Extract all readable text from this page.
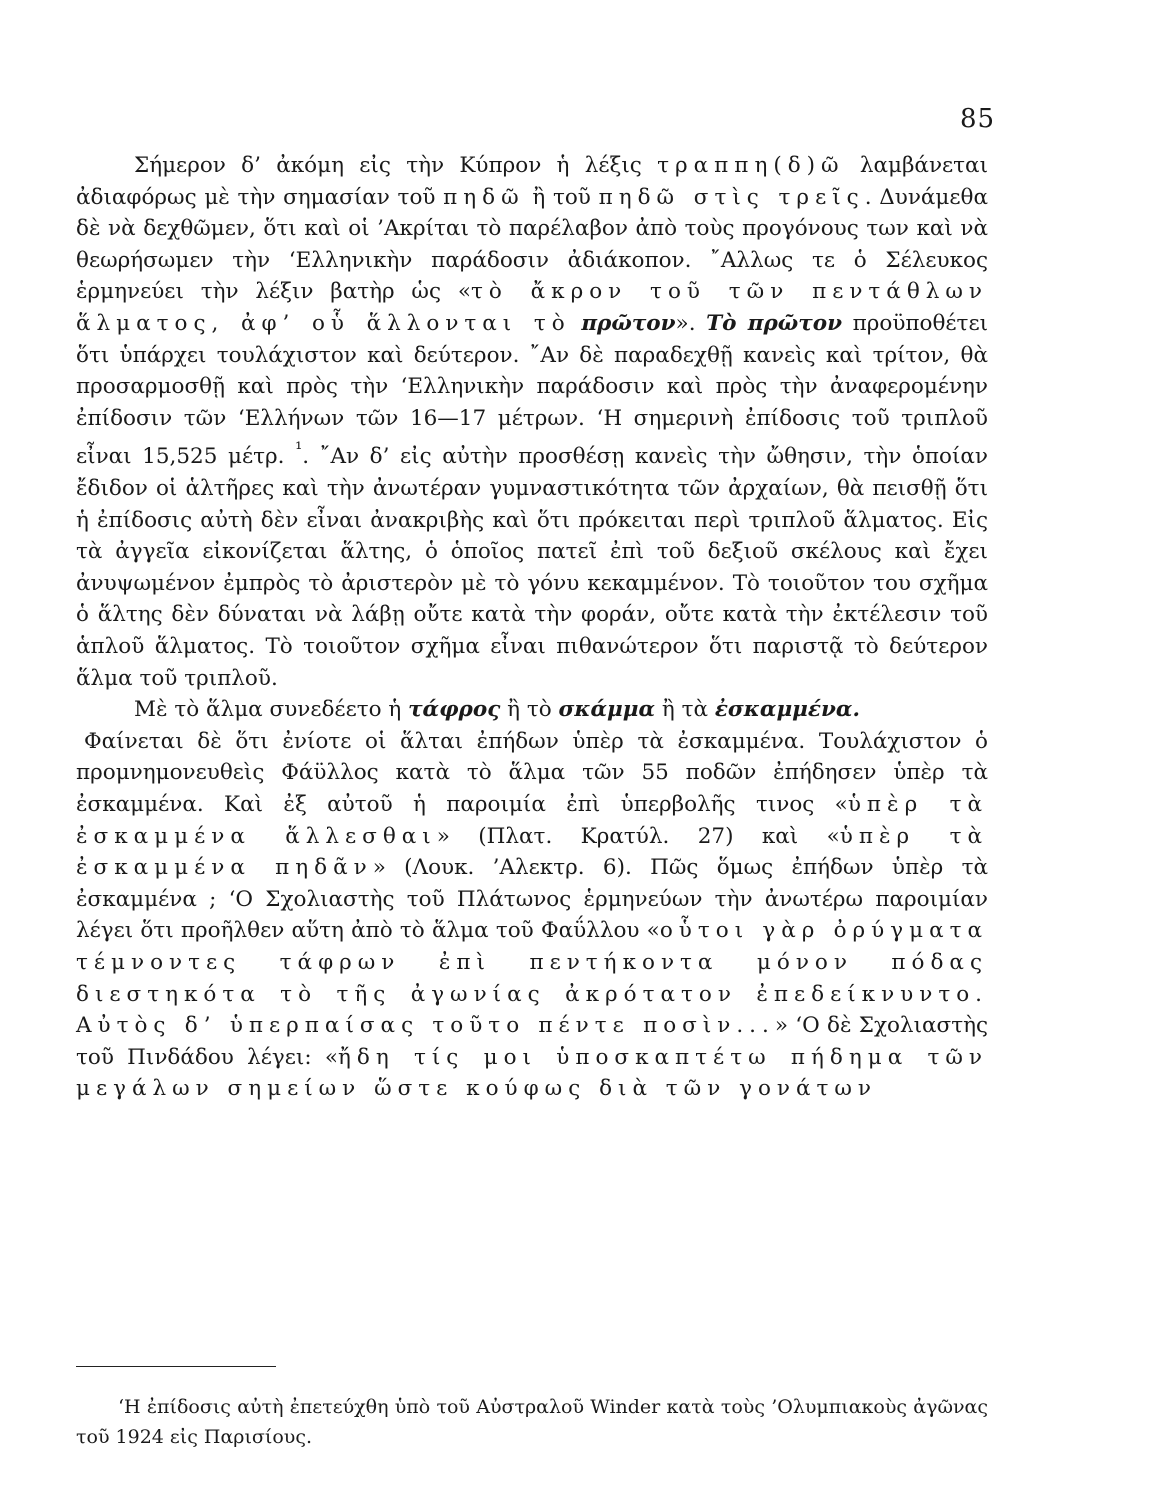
85

Σήμερον δ’ ἀκόμη εἰς τὴν Κύπρον ἡ λέξις τραππη(δ)ῶ λαμβάνεται ἀδιαφόρως μὲ τὴν σημασίαν τοῦ πηδῶ ἢ τοῦ πηδῶ στὶς τρεῖς. Δυνάμεθα δὲ νὰ δεχθῶμεν, ὅτι καὶ οἱ ’Ακρίται τὸ παρέλαβον ἀπὸ τοὺς προγόνους των καὶ νὰ θεωρήσωμεν τὴν ‘Ελληνικὴν παράδοσιν ἀδιάκοπον. ῎Αλλως τε ὁ Σέλευκος ἑρμηνεύει τὴν λέξιν βατὴρ ὡς «τὸ ἄκρον τοῦ τῶν πεντάθλων ἅλματος, ἀφ’ οὗ ἅλλονται τὸ πρῶτον». Τὸ πρῶτον προϋποθέτει ὅτι ὑπάρχει τουλάχιστον καὶ δεύτερον. ῎Αν δὲ παραδεχθῇ κανεὶς καὶ τρίτον, θὰ προσαρμοσθῇ καὶ πρὸς τὴν ‘Ελληνικὴν παράδοσιν καὶ πρὸς τὴν ἀναφερομένην ἐπίδοσιν τῶν ‘Ελλήνων τῶν 16—17 μέτρων. ‘Η σημερινὴ ἐπίδοσις τοῦ τριπλοῦ εἶναι 15,525 μέτρ. $^{^1}$. ῎Αν δ’ εἰς αὐτὴν προσθέσῃ κανεὶς τὴν ὤθησιν, τὴν ὁποίαν ἔδιδον οἱ ἁλτῆρες καὶ τὴν ἀνωτέραν γυμναστικότητα τῶν ἀρχαίων, θὰ πεισθῇ ὅτι ἡ ἐπίδοσις αὐτὴ δὲν εἶναι ἀνακριβὴς καὶ ὅτι πρόκειται περὶ τριπλοῦ ἅλματος. Εἰς τὰ ἀγγεῖα εἰκονίζεται ἅλτης, ὁ ὁποῖος πατεῖ ἐπὶ τοῦ δεξιοῦ σκέλους καὶ ἔχει ἀνυψωμένον ἐμπρὸς τὸ ἀριστερὸν μὲ τὸ γόνυ κεκαμμένον. Τὸ τοιοῦτον του σχῆμα ὁ ἅλτης δὲν δύναται νὰ λάβῃ οὔτε κατὰ τὴν φοράν, οὔτε κατὰ τὴν ἐκτέλεσιν τοῦ ἁπλοῦ ἅλματος. Τὸ τοιοῦτον σχῆμα εἶναι πιθανώτερον ὅτι παριστᾷ τὸ δεύτερον ἅλμα τοῦ τριπλοῦ.

Μὲ τὸ ἅλμα συνεδέετο ἡ τάφρος ἢ τὸ σκάμμα ἢ τὰ ἐσκαμμένα.

Φαίνεται δὲ ὅτι ἐνίοτε οἱ ἅλται ἐπήδων ὑπὲρ τὰ ἐσκαμμένα. Τουλάχιστον ὁ προμνημονευθεὶς Φάϋλλος κατὰ τὸ ἅλμα τῶν 55 ποδῶν ἐπήδησεν ὑπὲρ τὰ ἐσκαμμένα. Καὶ ἐξ αὐτοῦ ἡ παροιμία ἐπὶ ὑπερβολῆς τινος «ὑπὲρ τὰ ἐσκαμμένα ἅλλεσθαι» (Πλατ. Κρατύλ. 27) καὶ «ὑπὲρ τὰ ἐσκαμμένα πηδᾶν» (Λουκ. ’Αλεκτρ. 6). Πῶς ὅμως ἐπήδων ὑπὲρ τὰ ἐσκαμμένα ; ‘Ο Σχολιαστὴς τοῦ Πλάτωνος ἑρμηνεύων τὴν ἀνωτέρω παροιμίαν λέγει ὅτι προῆλθεν αὕτη ἀπὸ τὸ ἅλμα τοῦ Φαΰλλου «οὗτοι γὰρ ὀρύγματα τέμνοντες τάφρων ἐπὶ πεντήκοντα μόνον πόδας διεστηκότα τὸ τῆς ἀγωνίας ἀκρότατον ἐπεδείκνυντο. Αὐτὸς δ’ ὑπερπαίσας τοῦτο πέντε ποσὶν...» ‘Ο δὲ Σχολιαστὴς τοῦ Πινδάδου λέγει: «ἤδη τίς μοι ὑποσκαπτέτω πήδημα τῶν μεγάλων σημείων ὥστε κούφως διὰ τῶν γονάτων

‘Η ἐπίδοσις αὐτὴ ἐπετεύχθη ὑπὸ τοῦ Αὐστραλοῦ Winder κατὰ τοὺς ’Ολυμπιακοὺς ἀγῶνας τοῦ 1924 εἰς Παρισίους.
